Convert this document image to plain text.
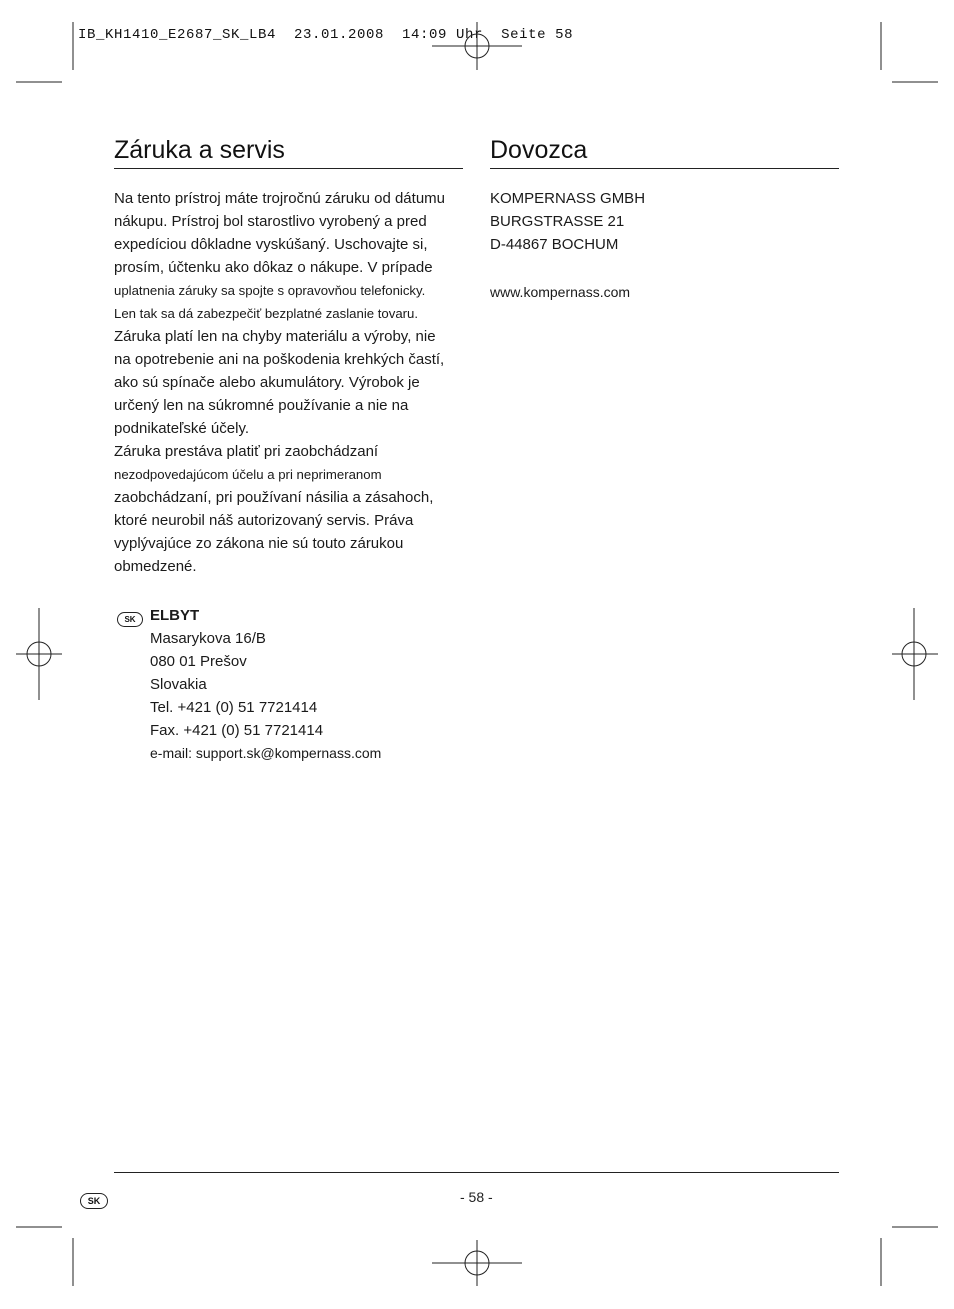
IB_KH1410_E2687_SK_LB4  23.01.2008  14:09 Uhr  Seite 58
Záruka a servis
Na tento prístroj máte trojročnú záruku od dátumu
nákupu. Prístroj bol starostlivo vyrobený a pred
expedíciou dôkladne vyskúšaný. Uschovajte si,
prosím, účtenku ako dôkaz o nákupe. V prípade
uplatnenia záruky sa spojte s opravovňou telefonicky.
Len tak sa dá zabezpečiť bezplatné zaslanie tovaru.
Záruka platí len na chyby materiálu a výroby, nie
na opotrebenie ani na poškodenia krehkých častí,
ako sú spínače alebo akumulátory. Výrobok je
určený len na súkromné používanie a nie na
podnikateľské účely.
Záruka prestáva platiť pri zaobchádzaní
nezodpovedajúcom účelu a pri neprimeranom
zaobchádzaní, pri používaní násilia a zásahoch,
ktoré neurobil náš autorizovaný servis. Práva
vyplývajúce zo zákona nie sú touto zárukou
obmedzené.
SK ELBYT
Masarykova 16/B
080 01 Prešov
Slovakia
Tel. +421 (0) 51 7721414
Fax. +421 (0) 51 7721414
e-mail: support.sk@kompernass.com
Dovozca
KOMPERNASS GMBH
BURGSTRASSE 21
D-44867 BOCHUM
www.kompernass.com
SK	- 58 -
